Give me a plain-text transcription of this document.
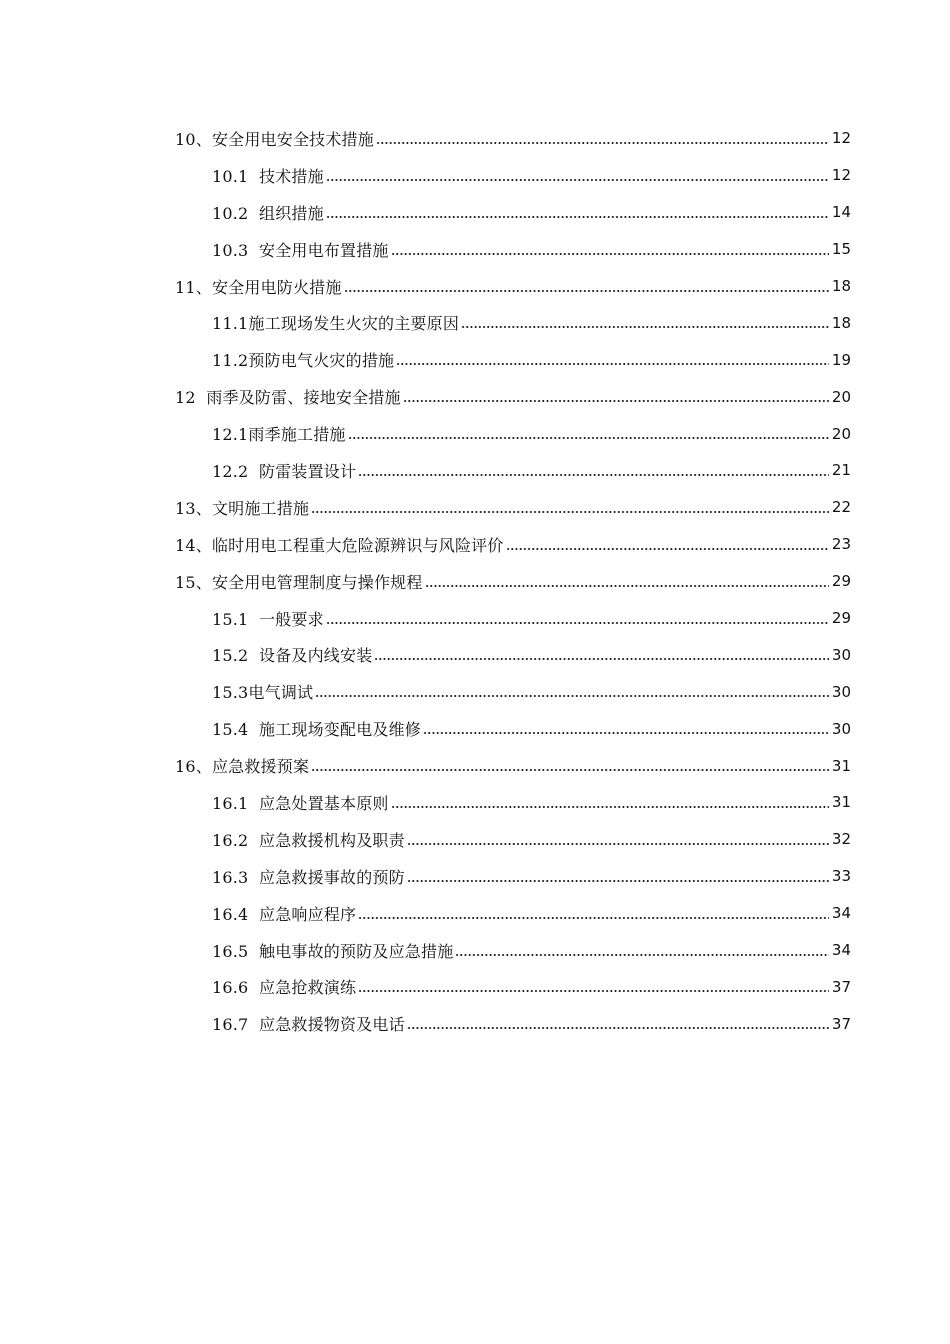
10、安全用电安全技术措施	12
10.1  技术措施	12
10.2  组织措施	14
10.3  安全用电布置措施	15
11、安全用电防火措施	18
11.1施工现场发生火灾的主要原因	18
11.2预防电气火灾的措施	19
12  雨季及防雷、接地安全措施	20
12.1雨季施工措施	20
12.2  防雷装置设计	21
13、文明施工措施	22
14、临时用电工程重大危险源辨识与风险评价	23
15、安全用电管理制度与操作规程	29
15.1  一般要求	29
15.2  设备及内线安装	30
15.3电气调试	30
15.4  施工现场变配电及维修	30
16、应急救援预案	31
16.1  应急处置基本原则	31
16.2  应急救援机构及职责	32
16.3  应急救援事故的预防	33
16.4  应急响应程序	34
16.5  触电事故的预防及应急措施	34
16.6  应急抢救演练	37
16.7  应急救援物资及电话	37
